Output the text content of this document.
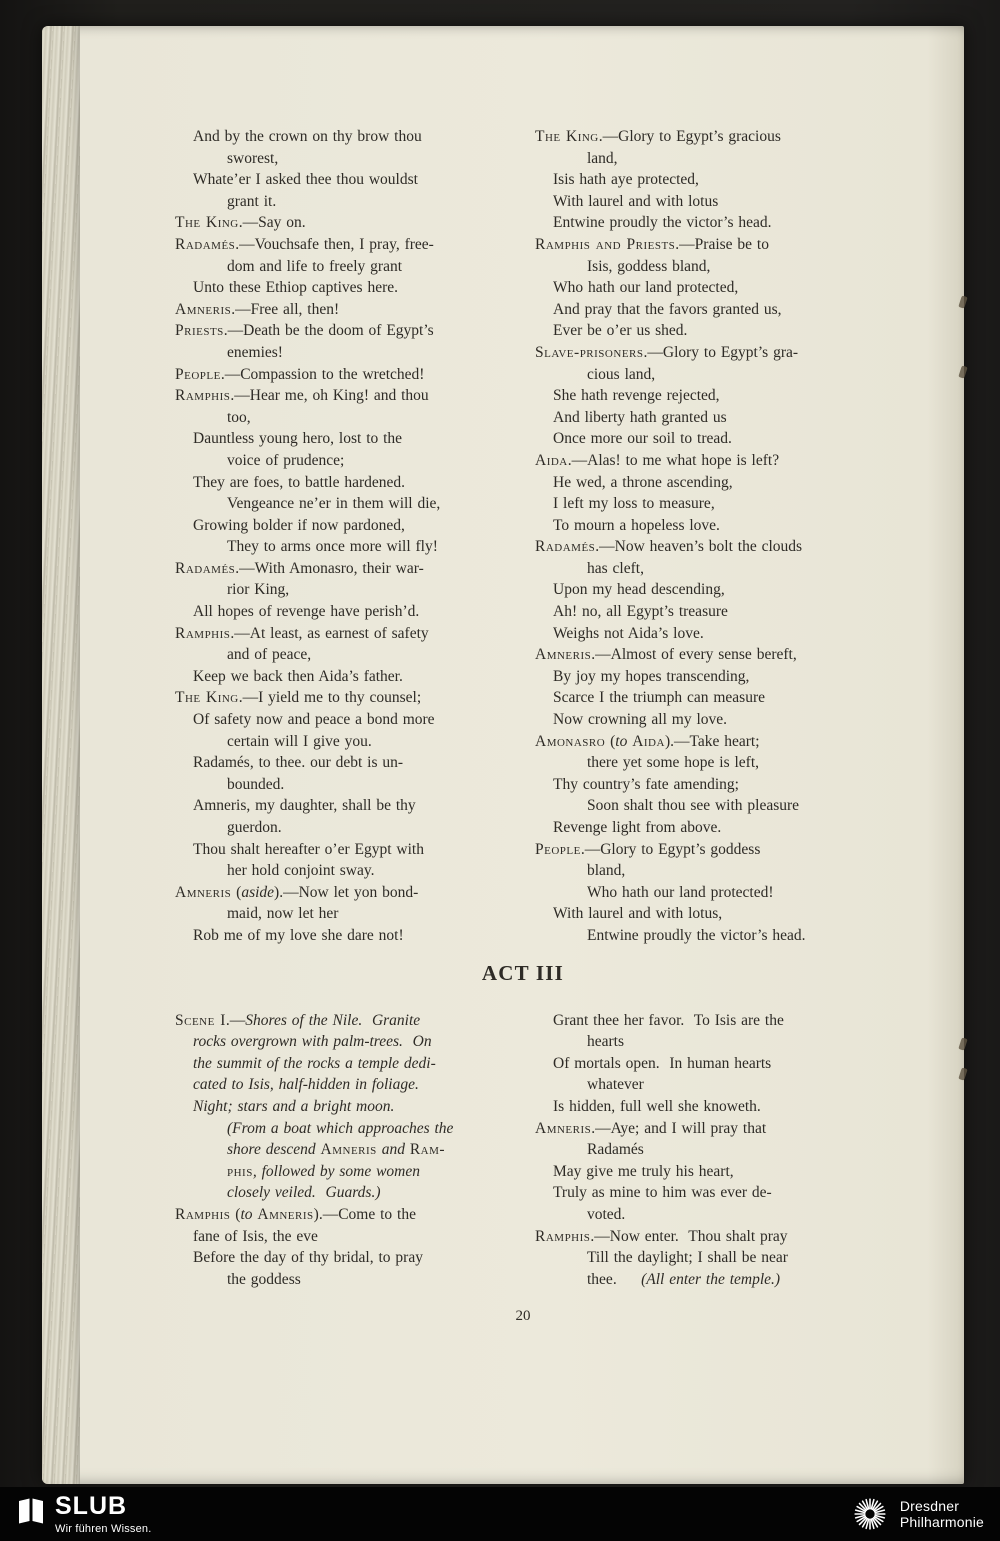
And by the crown on thy brow thou
sworest,
Whate’er I asked thee thou wouldst
grant it.
The King.—Say on.
Radamés.—Vouchsafe then, I pray, free-
dom and life to freely grant
Unto these Ethiop captives here.
Amneris.—Free all, then!
Priests.—Death be the doom of Egypt’s
enemies!
People.—Compassion to the wretched!
Ramphis.—Hear me, oh King! and thou
too,
Dauntless young hero, lost to the
voice of prudence;
They are foes, to battle hardened.
Vengeance ne’er in them will die,
Growing bolder if now pardoned,
They to arms once more will fly!
Radamés.—With Amonasro, their war-
rior King,
All hopes of revenge have perish’d.
Ramphis.—At least, as earnest of safety
and of peace,
Keep we back then Aida’s father.
The King.—I yield me to thy counsel;
Of safety now and peace a bond more
certain will I give you.
Radamés, to thee. our debt is un-
bounded.
Amneris, my daughter, shall be thy
guerdon.
Thou shalt hereafter o’er Egypt with
her hold conjoint sway.
Amneris (aside).—Now let yon bond-
maid, now let her
Rob me of my love she dare not!
The King.—Glory to Egypt’s gracious
land,
Isis hath aye protected,
With laurel and with lotus
Entwine proudly the victor’s head.
Ramphis and Priests.—Praise be to
Isis, goddess bland,
Who hath our land protected,
And pray that the favors granted us,
Ever be o’er us shed.
Slave-prisoners.—Glory to Egypt’s gra-
cious land,
She hath revenge rejected,
And liberty hath granted us
Once more our soil to tread.
Aida.—Alas! to me what hope is left?
He wed, a throne ascending,
I left my loss to measure,
To mourn a hopeless love.
Radamés.—Now heaven’s bolt the clouds
has cleft,
Upon my head descending,
Ah! no, all Egypt’s treasure
Weighs not Aida’s love.
Amneris.—Almost of every sense bereft,
By joy my hopes transcending,
Scarce I the triumph can measure
Now crowning all my love.
Amonasro (to Aida).—Take heart;
there yet some hope is left,
Thy country’s fate amending;
Soon shalt thou see with pleasure
Revenge light from above.
People.—Glory to Egypt’s goddess
bland,
Who hath our land protected!
With laurel and with lotus,
Entwine proudly the victor’s head.
ACT III
Scene I.—Shores of the Nile.  Granite
rocks overgrown with palm-trees.  On
the summit of the rocks a temple dedi-
cated to Isis, half-hidden in foliage.
Night; stars and a bright moon.
(From a boat which approaches the
shore descend Amneris and Ram-
phis, followed by some women
closely veiled.  Guards.)
Ramphis (to Amneris).—Come to the
fane of Isis, the eve
Before the day of thy bridal, to pray
the goddess
Grant thee her favor.  To Isis are the
hearts
Of mortals open.  In human hearts
whatever
Is hidden, full well she knoweth.
Amneris.—Aye; and I will pray that
Radamés
May give me truly his heart,
Truly as mine to him was ever de-
voted.
Ramphis.—Now enter.  Thou shalt pray
Till the daylight; I shall be near
thee.     (All enter the temple.)
20
SLUB
Wir führen Wissen.
Dresdner
Philharmonie
